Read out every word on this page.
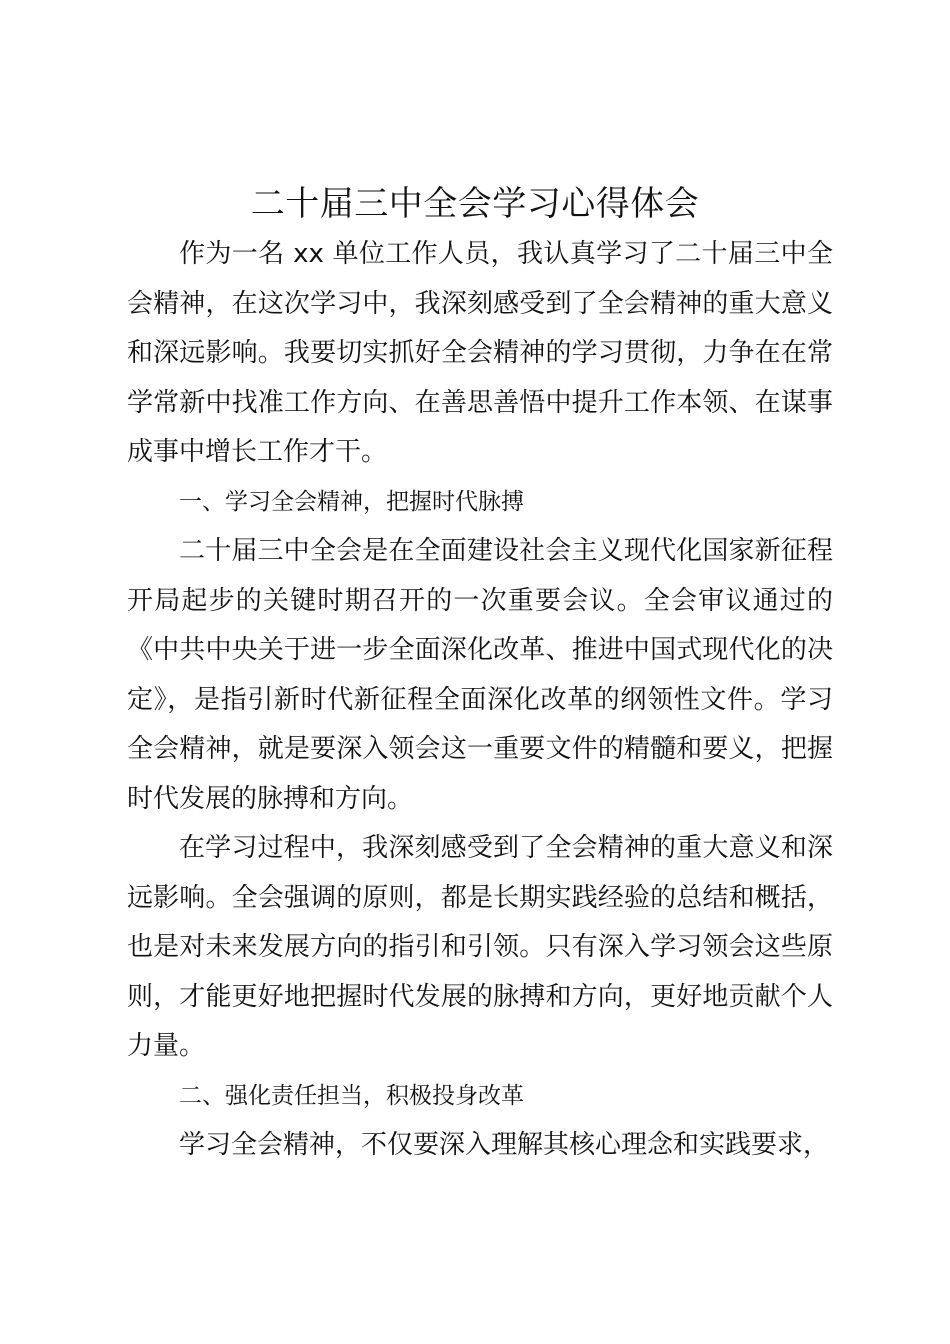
二十届三中全会学习心得体会

作为一名 xx 单位工作人员，我认真学习了二十届三中全会精神，在这次学习中，我深刻感受到了全会精神的重大意义和深远影响。我要切实抓好全会精神的学习贯彻，力争在在常学常新中找准工作方向、在善思善悟中提升工作本领、在谋事成事中增长工作才干。

一、学习全会精神，把握时代脉搏

二十届三中全会是在全面建设社会主义现代化国家新征程开局起步的关键时期召开的一次重要会议。全会审议通过的《中共中央关于进一步全面深化改革、推进中国式现代化的决定》，是指引新时代新征程全面深化改革的纲领性文件。学习全会精神，就是要深入领会这一重要文件的精髓和要义，把握时代发展的脉搏和方向。

在学习过程中，我深刻感受到了全会精神的重大意义和深远影响。全会强调的原则，都是长期实践经验的总结和概括，也是对未来发展方向的指引和引领。只有深入学习领会这些原则，才能更好地把握时代发展的脉搏和方向，更好地贡献个人力量。

二、强化责任担当，积极投身改革

学习全会精神，不仅要深入理解其核心理念和实践要求，
